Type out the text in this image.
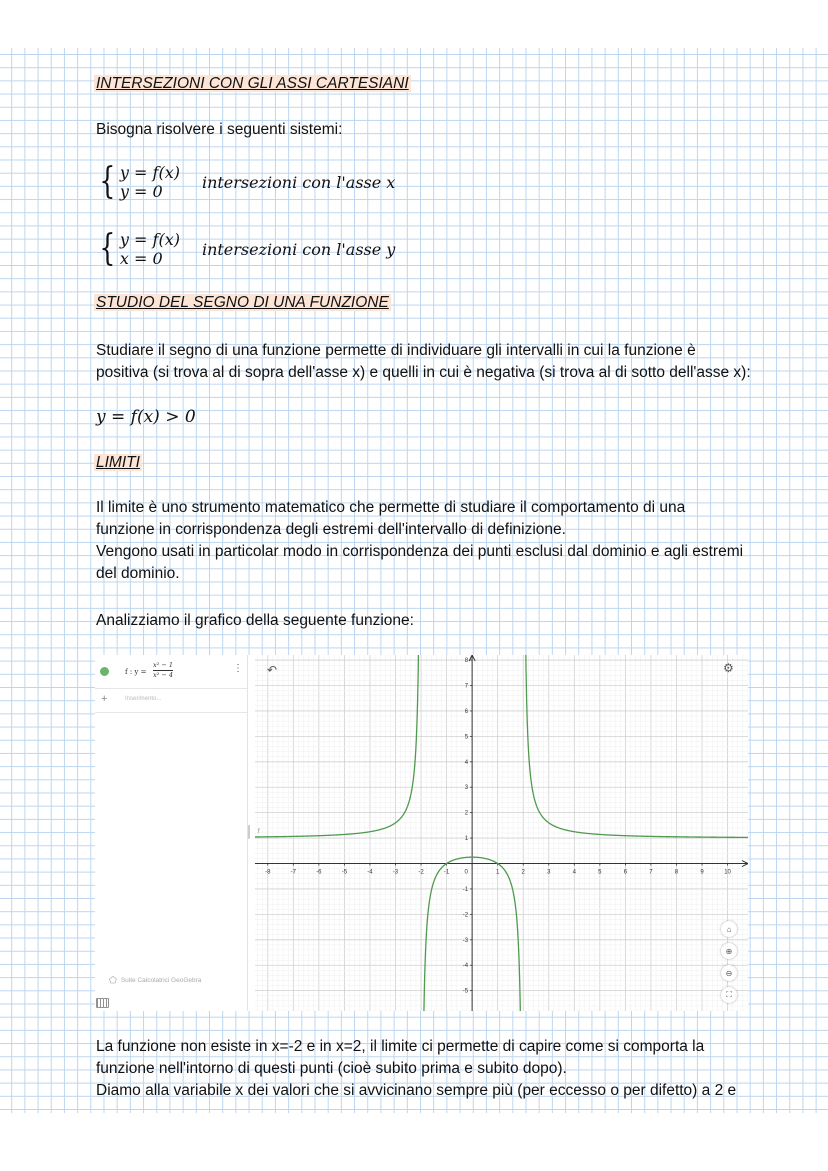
INTERSEZIONI CON GLI ASSI CARTESIANI
Bisogna risolvere i seguenti sistemi:
{ y = f(x)
y = 0	intersezioni con l'asse x
{ y = f(x)
x = 0	intersezioni con l'asse y
STUDIO DEL SEGNO DI UNA FUNZIONE
Studiare il segno di una funzione permette di individuare gli intervalli in cui la funzione è
positiva (si trova al di sopra dell'asse x) e quelli in cui è negativa (si trova al di sotto dell'asse x):
y = f(x) > 0
LIMITI
Il limite è uno strumento matematico che permette di studiare il comportamento di una
funzione in corrispondenza degli estremi dell'intervallo di definizione.
Vengono usati in particolar modo in corrispondenza dei punti esclusi dal dominio e agli estremi
del dominio.
Analizziamo il grafico della seguente funzione:
f : $y = \frac{\text{x² − 1}}{\text{x² − 4}}$	⋮
+	Inserimento...
⬠ Suite Calcolatrici GeoGebra
-8	-7	-6	-5	-4	-3	-2	-1	0	1	2	3	4	5	6	7	8	9	10
-5
-4
-3
-2
-1
1
2
3
4
5
6
7
8
f
↶	⚙
⌂
⊕
⊖
⛶
La funzione non esiste in x=-2 e in x=2, il limite ci permette di capire come si comporta la
funzione nell'intorno di questi punti (cioè subito prima e subito dopo).
Diamo alla variabile x dei valori che si avvicinano sempre più (per eccesso o per difetto) a 2 e
